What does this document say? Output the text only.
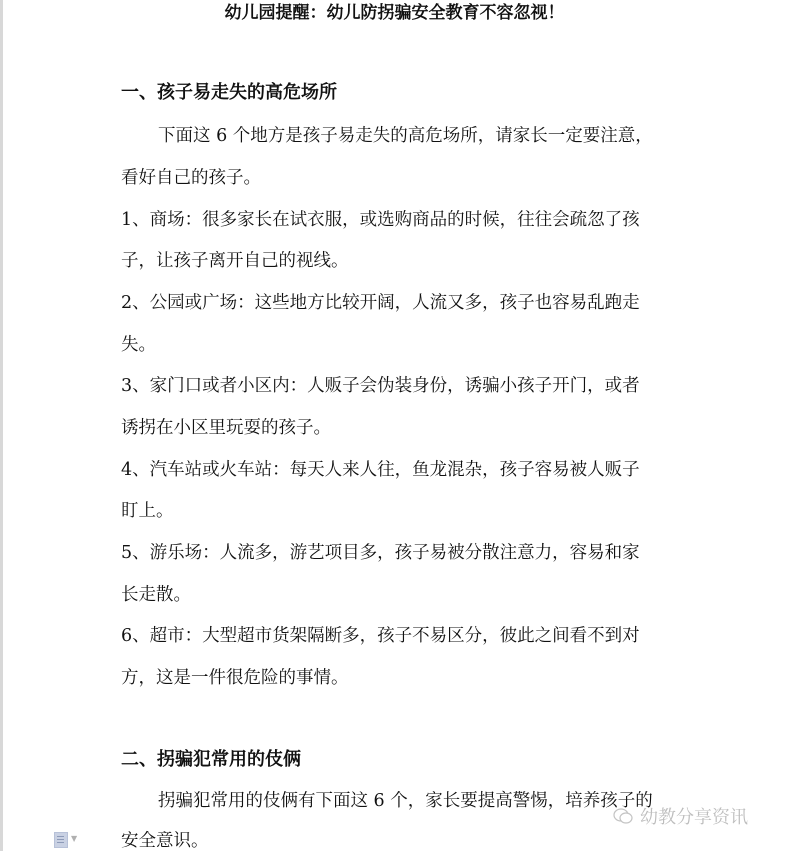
幼儿园提醒：幼儿防拐骗安全教育不容忽视！
一、孩子易走失的高危场所
下面这 6 个地方是孩子易走失的高危场所，请家长一定要注意，
看好自己的孩子。
1、商场：很多家长在试衣服，或选购商品的时候，往往会疏忽了孩
子，让孩子离开自己的视线。
2、公园或广场：这些地方比较开阔，人流又多，孩子也容易乱跑走
失。
3、家门口或者小区内：人贩子会伪装身份，诱骗小孩子开门，或者
诱拐在小区里玩耍的孩子。
4、汽车站或火车站：每天人来人往，鱼龙混杂，孩子容易被人贩子
盯上。
5、游乐场：人流多，游艺项目多，孩子易被分散注意力，容易和家
长走散。
6、超市：大型超市货架隔断多，孩子不易区分，彼此之间看不到对
方，这是一件很危险的事情。
二、拐骗犯常用的伎俩
拐骗犯常用的伎俩有下面这 6 个，家长要提高警惕，培养孩子的
安全意识。
▼
幼教分享资讯
